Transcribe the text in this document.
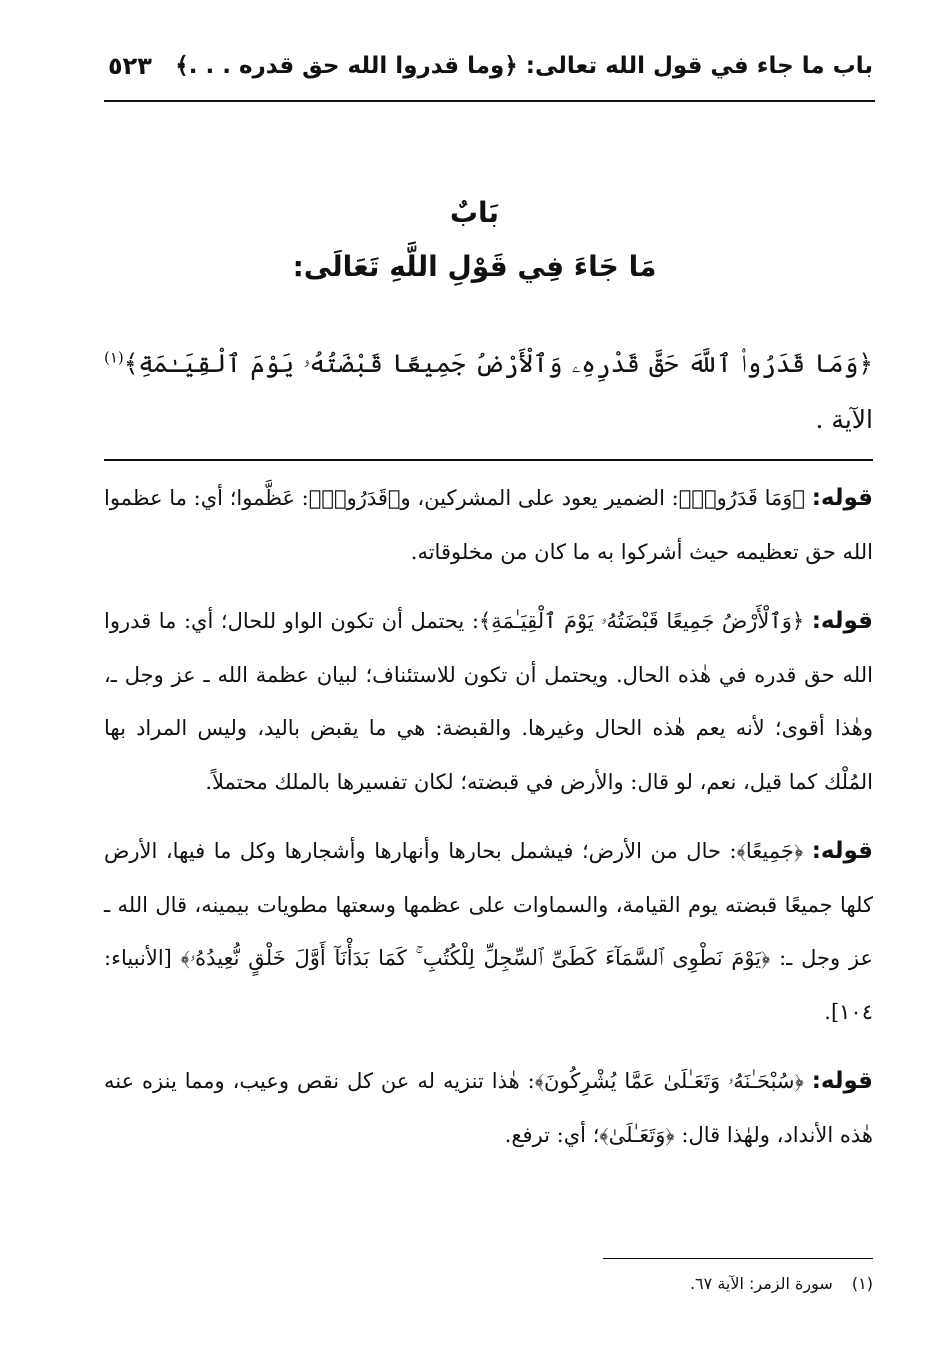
باب ما جاء في قول الله تعالى: ﴿وما قدروا الله حق قدره . . .﴾
٥٢٣
بَابٌ
مَا جَاءَ فِي قَوْلِ اللَّهِ تَعَالَى:
﴿وَمَا قَدَرُوا۟ ٱللَّهَ حَقَّ قَدْرِهِۦ وَٱلْأَرْضُ جَمِيعًا قَبْضَتُهُۥ يَوْمَ ٱلْقِيَـٰمَةِ﴾$^{(١)}$ الآية .

قوله: ﴿وَمَا قَدَرُوا۟﴾: الضمير يعود على المشركين، و﴿قَدَرُوا۟﴾: عَظَّموا؛ أي: ما عظموا الله حق تعظيمه حيث أشركوا به ما كان من مخلوقاته.

قوله: ﴿وَٱلْأَرْضُ جَمِيعًا قَبْضَتُهُۥ يَوْمَ ٱلْقِيَـٰمَةِ﴾: يحتمل أن تكون الواو للحال؛ أي: ما قدروا الله حق قدره في هٰذه الحال. ويحتمل أن تكون للاستئناف؛ لبيان عظمة الله ـ عز وجل ـ، وهٰذا أقوى؛ لأنه يعم هٰذه الحال وغيرها. والقبضة: هي ما يقبض باليد، وليس المراد بها المُلْك كما قيل، نعم، لو قال: والأرض في قبضته؛ لكان تفسيرها بالملك محتملاً.

قوله: ﴿جَمِيعًا﴾: حال من الأرض؛ فيشمل بحارها وأنهارها وأشجارها وكل ما فيها، الأرض كلها جميعًا قبضته يوم القيامة، والسماوات على عظمها وسعتها مطويات بيمينه، قال الله ـ عز وجل ـ: ﴿يَوْمَ نَطْوِى ٱلسَّمَآءَ كَطَىِّ ٱلسِّجِلِّ لِلْكُتُبِ ۚ كَمَا بَدَأْنَآ أَوَّلَ خَلْقٍ نُّعِيدُهُۥ﴾ [الأنبياء: ١٠٤].

قوله: ﴿سُبْحَـٰنَهُۥ وَتَعَـٰلَىٰ عَمَّا يُشْرِكُونَ﴾: هٰذا تنزيه له عن كل نقص وعيب، ومما ينزه عنه هٰذه الأنداد، ولهٰذا قال: ﴿وَتَعَـٰلَىٰ﴾؛ أي: ترفع.

(١) سورة الزمر: الآية ٦٧.
